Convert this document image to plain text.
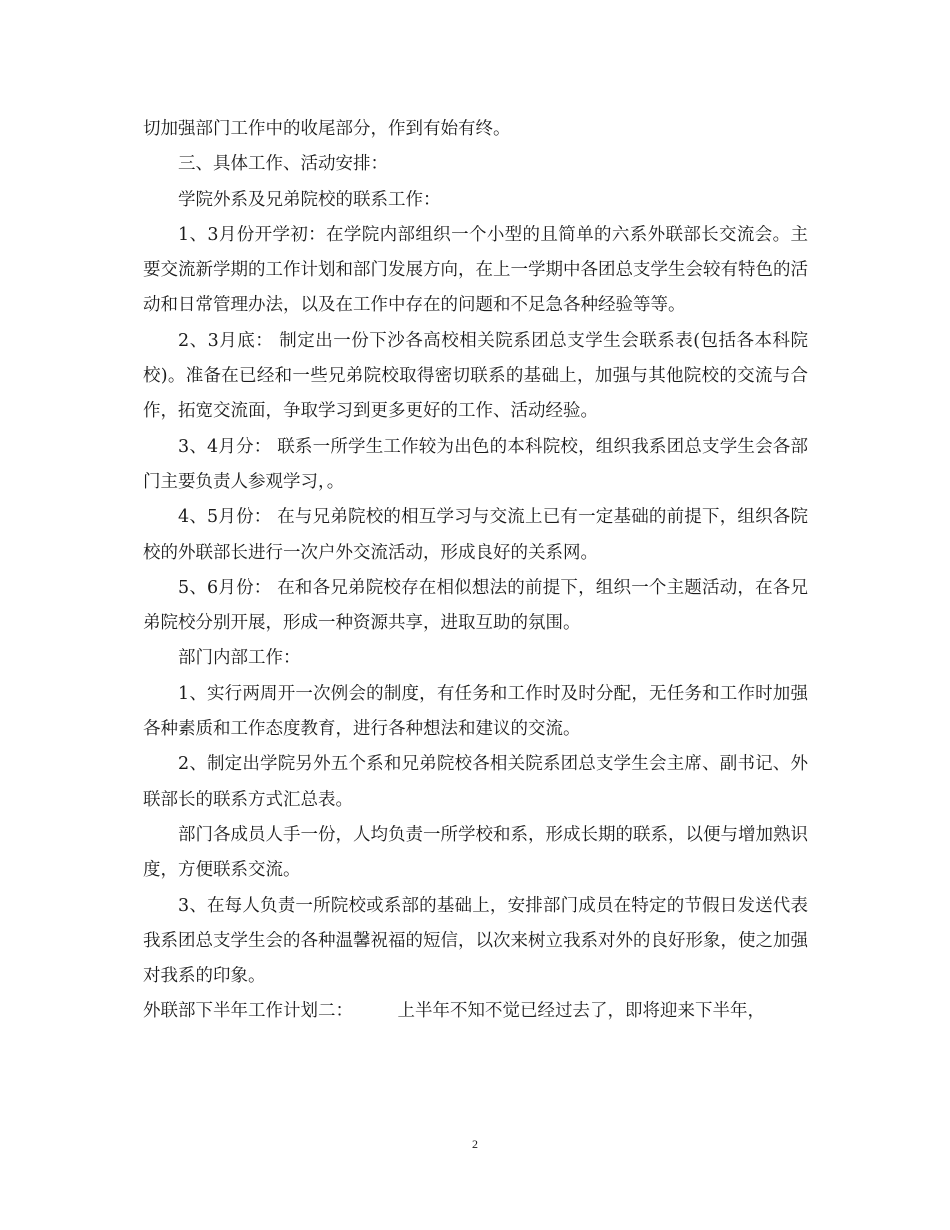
切加强部门工作中的收尾部分，作到有始有终。

三、具体工作、活动安排：

学院外系及兄弟院校的联系工作：

1、3月份开学初：在学院内部组织一个小型的且简单的六系外联部长交流会。主要交流新学期的工作计划和部门发展方向，在上一学期中各团总支学生会较有特色的活动和日常管理办法，以及在工作中存在的问题和不足急各种经验等等。

2、3月底： 制定出一份下沙各高校相关院系团总支学生会联系表(包括各本科院校)。准备在已经和一些兄弟院校取得密切联系的基础上，加强与其他院校的交流与合作，拓宽交流面，争取学习到更多更好的工作、活动经验。

3、4月分： 联系一所学生工作较为出色的本科院校，组织我系团总支学生会各部门主要负责人参观学习，。

4、5月份： 在与兄弟院校的相互学习与交流上已有一定基础的前提下，组织各院校的外联部长进行一次户外交流活动，形成良好的关系网。

5、6月份： 在和各兄弟院校存在相似想法的前提下，组织一个主题活动，在各兄弟院校分别开展，形成一种资源共享，进取互助的氛围。

部门内部工作：

1、实行两周开一次例会的制度，有任务和工作时及时分配，无任务和工作时加强各种素质和工作态度教育，进行各种想法和建议的交流。

2、制定出学院另外五个系和兄弟院校各相关院系团总支学生会主席、副书记、外联部长的联系方式汇总表。

部门各成员人手一份，人均负责一所学校和系，形成长期的联系，以便与增加熟识度，方便联系交流。

3、在每人负责一所院校或系部的基础上，安排部门成员在特定的节假日发送代表我系团总支学生会的各种温馨祝福的短信，以次来树立我系对外的良好形象，使之加强对我系的印象。

外联部下半年工作计划二：        上半年不知不觉已经过去了，即将迎来下半年，

2
